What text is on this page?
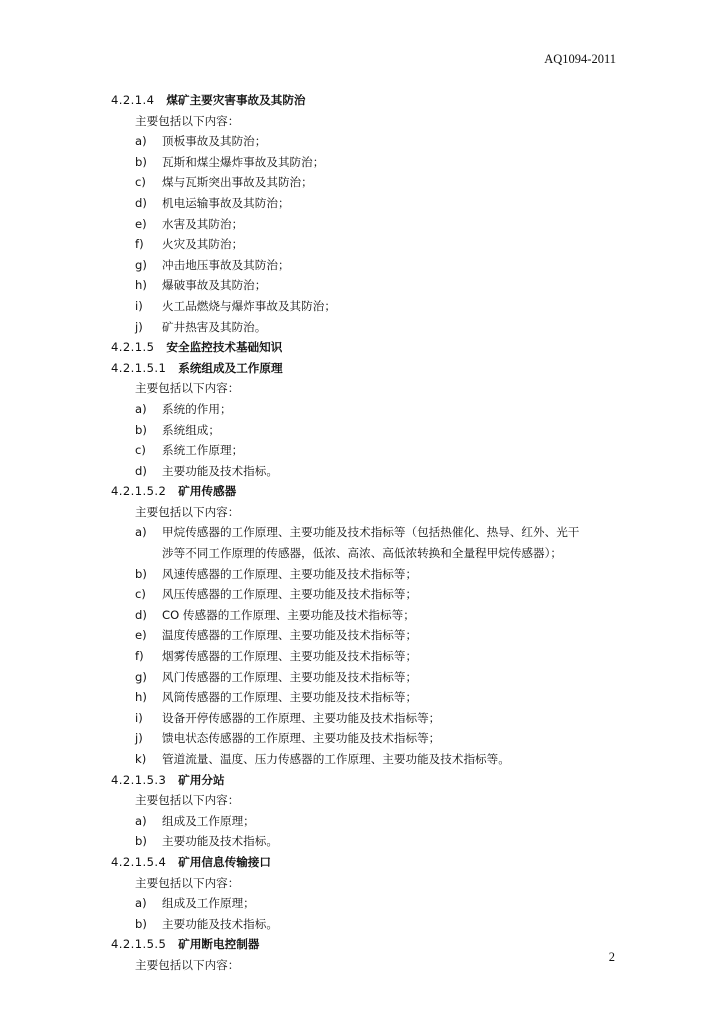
AQ1094-2011
4.2.1.4 煤矿主要灾害事故及其防治
主要包括以下内容：
a)	顶板事故及其防治；
b)	瓦斯和煤尘爆炸事故及其防治；
c)	煤与瓦斯突出事故及其防治；
d)	机电运输事故及其防治；
e)	水害及其防治；
f)	火灾及其防治；
g)	冲击地压事故及其防治；
h)	爆破事故及其防治；
i)	火工品燃烧与爆炸事故及其防治；
j)	矿井热害及其防治。
4.2.1.5 安全监控技术基础知识
4.2.1.5.1 系统组成及工作原理
主要包括以下内容：
a)	系统的作用；
b)	系统组成；
c)	系统工作原理；
d)	主要功能及技术指标。
4.2.1.5.2 矿用传感器
主要包括以下内容：
a)	甲烷传感器的工作原理、主要功能及技术指标等（包括热催化、热导、红外、光干
涉等不同工作原理的传感器，低浓、高浓、高低浓转换和全量程甲烷传感器）；
b)	风速传感器的工作原理、主要功能及技术指标等；
c)	风压传感器的工作原理、主要功能及技术指标等；
d)	CO 传感器的工作原理、主要功能及技术指标等；
e)	温度传感器的工作原理、主要功能及技术指标等；
f)	烟雾传感器的工作原理、主要功能及技术指标等；
g)	风门传感器的工作原理、主要功能及技术指标等；
h)	风筒传感器的工作原理、主要功能及技术指标等；
i)	设备开停传感器的工作原理、主要功能及技术指标等；
j)	馈电状态传感器的工作原理、主要功能及技术指标等；
k)	管道流量、温度、压力传感器的工作原理、主要功能及技术指标等。
4.2.1.5.3 矿用分站
主要包括以下内容：
a)	组成及工作原理；
b)	主要功能及技术指标。
4.2.1.5.4 矿用信息传输接口
主要包括以下内容：
a)	组成及工作原理；
b)	主要功能及技术指标。
4.2.1.5.5 矿用断电控制器
主要包括以下内容：
2
